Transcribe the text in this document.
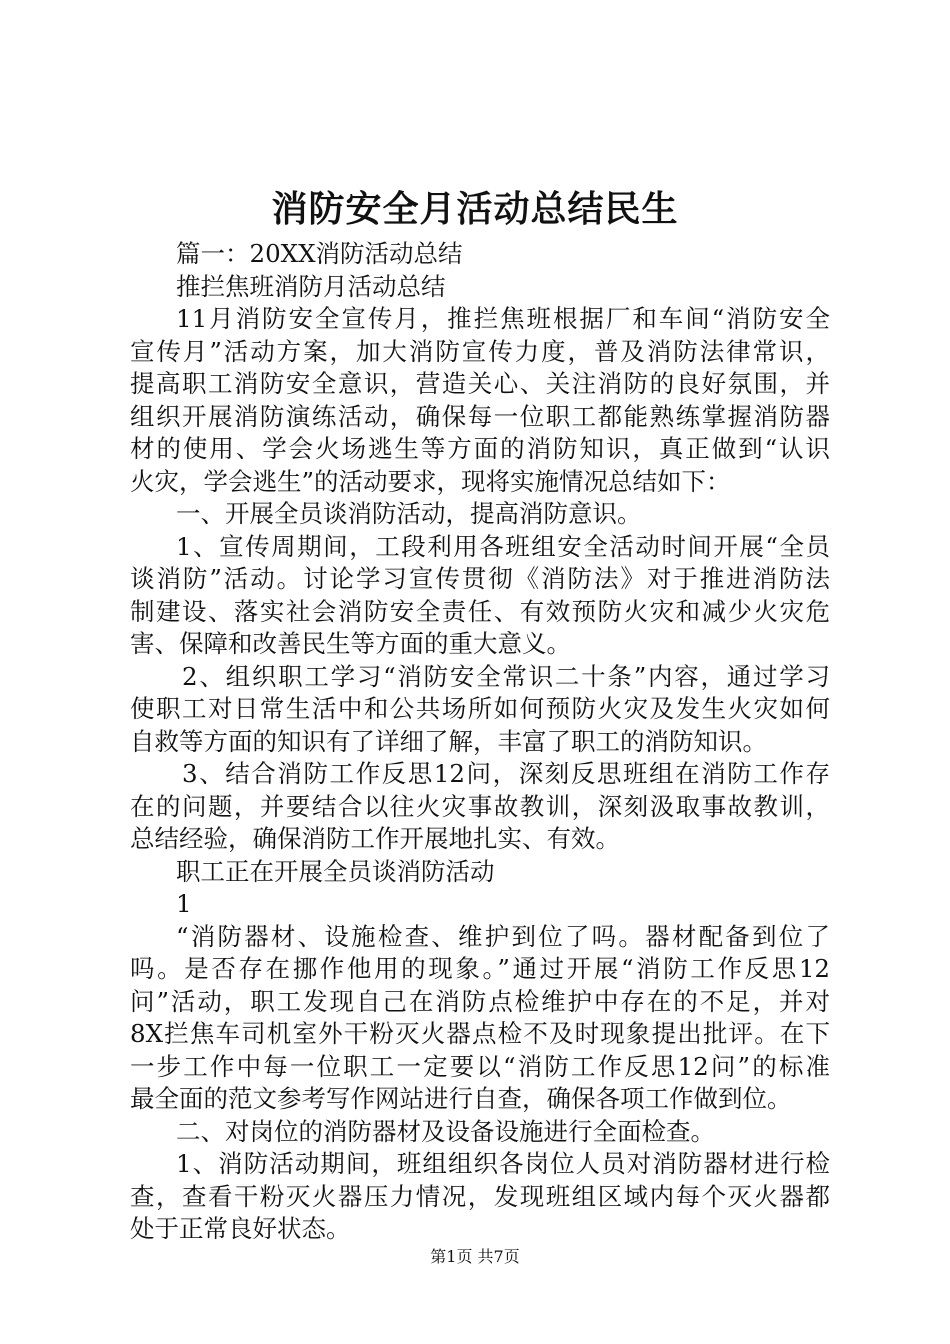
消防安全月活动总结民生
篇一：20XX消防活动总结
推拦焦班消防月活动总结
11月消防安全宣传月，推拦焦班根据厂和车间“消防安全
宣传月”活动方案，加大消防宣传力度，普及消防法律常识，
提高职工消防安全意识，营造关心、关注消防的良好氛围，并
组织开展消防演练活动，确保每一位职工都能熟练掌握消防器
材的使用、学会火场逃生等方面的消防知识，真正做到“认识
火灾，学会逃生”的活动要求，现将实施情况总结如下：
一、开展全员谈消防活动，提高消防意识。
1、宣传周期间，工段利用各班组安全活动时间开展“全员
谈消防”活动。讨论学习宣传贯彻《消防法》对于推进消防法
制建设、落实社会消防安全责任、有效预防火灾和减少火灾危
害、保障和改善民生等方面的重大意义。
2、组织职工学习“消防安全常识二十条”内容，通过学习
使职工对日常生活中和公共场所如何预防火灾及发生火灾如何
自救等方面的知识有了详细了解，丰富了职工的消防知识。
3、结合消防工作反思12问，深刻反思班组在消防工作存
在的问题，并要结合以往火灾事故教训，深刻汲取事故教训，
总结经验，确保消防工作开展地扎实、有效。
职工正在开展全员谈消防活动
1
“消防器材、设施检查、维护到位了吗。器材配备到位了
吗。是否存在挪作他用的现象。”通过开展“消防工作反思12
问”活动，职工发现自己在消防点检维护中存在的不足，并对
8X拦焦车司机室外干粉灭火器点检不及时现象提出批评。在下
一步工作中每一位职工一定要以“消防工作反思12问”的标准
最全面的范文参考写作网站进行自查，确保各项工作做到位。
二、对岗位的消防器材及设备设施进行全面检查。
1、消防活动期间，班组组织各岗位人员对消防器材进行检
查，查看干粉灭火器压力情况，发现班组区域内每个灭火器都
处于正常良好状态。
第1页 共7页
